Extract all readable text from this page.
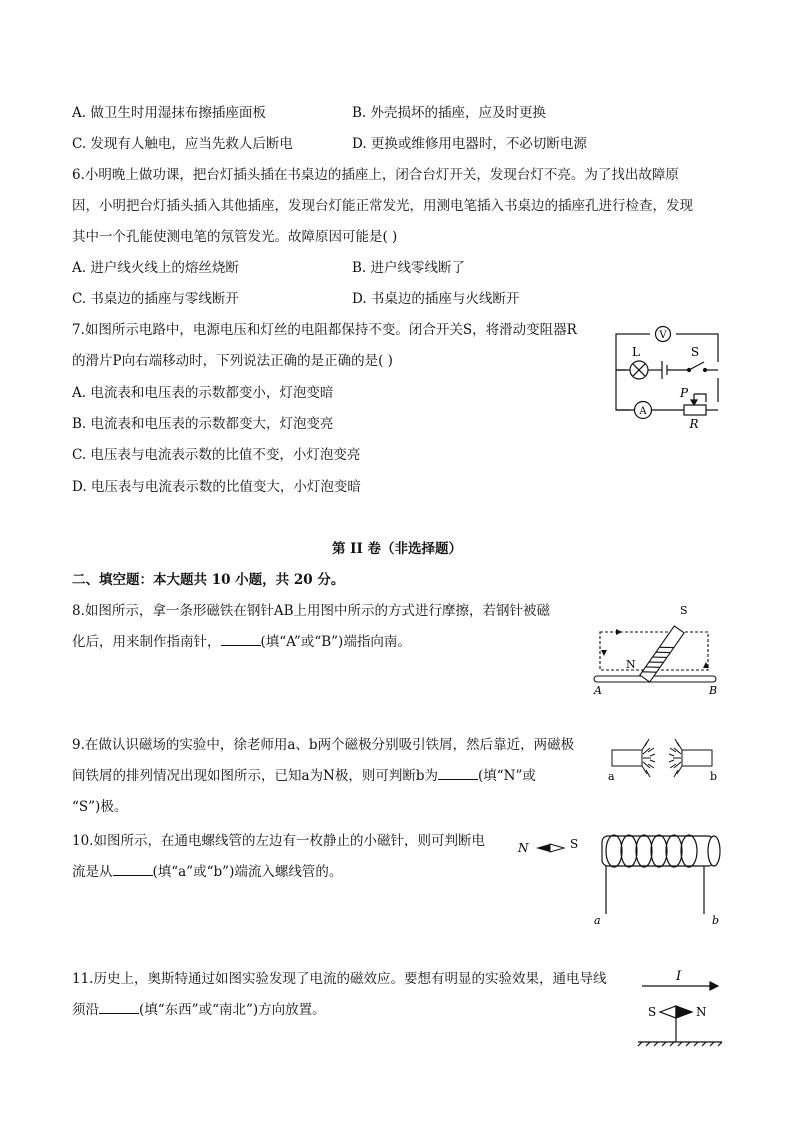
A. 做卫生时用湿抹布擦插座面板	B. 外壳损坏的插座，应及时更换
C. 发现有人触电，应当先救人后断电	D. 更换或维修用电器时，不必切断电源
6.小明晚上做功课，把台灯插头插在书桌边的插座上，闭合台灯开关，发现台灯不亮。为了找出故障原
因，小明把台灯插头插入其他插座，发现台灯能正常发光，用测电笔插入书桌边的插座孔进行检查，发现
其中一个孔能使测电笔的氖管发光。故障原因可能是( )
A. 进户线火线上的熔丝烧断	B. 进户线零线断了
C. 书桌边的插座与零线断开	D. 书桌边的插座与火线断开
7.如图所示电路中，电源电压和灯丝的电阻都保持不变。闭合开关S，将滑动变阻器R
的滑片P向右端移动时，下列说法正确的是正确的是( )
A. 电流表和电压表的示数都变小，灯泡变暗
B. 电流表和电压表的示数都变大，灯泡变亮
C. 电压表与电流表示数的比值不变，小灯泡变亮
D. 电压表与电流表示数的比值变大，小灯泡变暗
V
L	S
A
P
R
第 II 卷（非选择题）
二、填空题：本大题共 10 小题，共 20 分。
8.如图所示，拿一条形磁铁在钢针AB上用图中所示的方式进行摩擦，若钢针被磁
化后，用来制作指南针，	(填“A”或“B”)端指向南。
S
N
A	B
9.在做认识磁场的实验中，徐老师用a、b两个磁极分别吸引铁屑，然后靠近，两磁极
间铁屑的排列情况出现如图所示，已知a为N极，则可判断b为	(填“N”或
“S”)极。
a	b
10.如图所示，在通电螺线管的左边有一枚静止的小磁针，则可判断电
流是从	(填“a”或“b”)端流入螺线管的。
N	S
a	b
11.历史上，奥斯特通过如图实验发现了电流的磁效应。要想有明显的实验效果，通电导线
须沿	(填“东西”或“南北”)方向放置。
I
S	N
